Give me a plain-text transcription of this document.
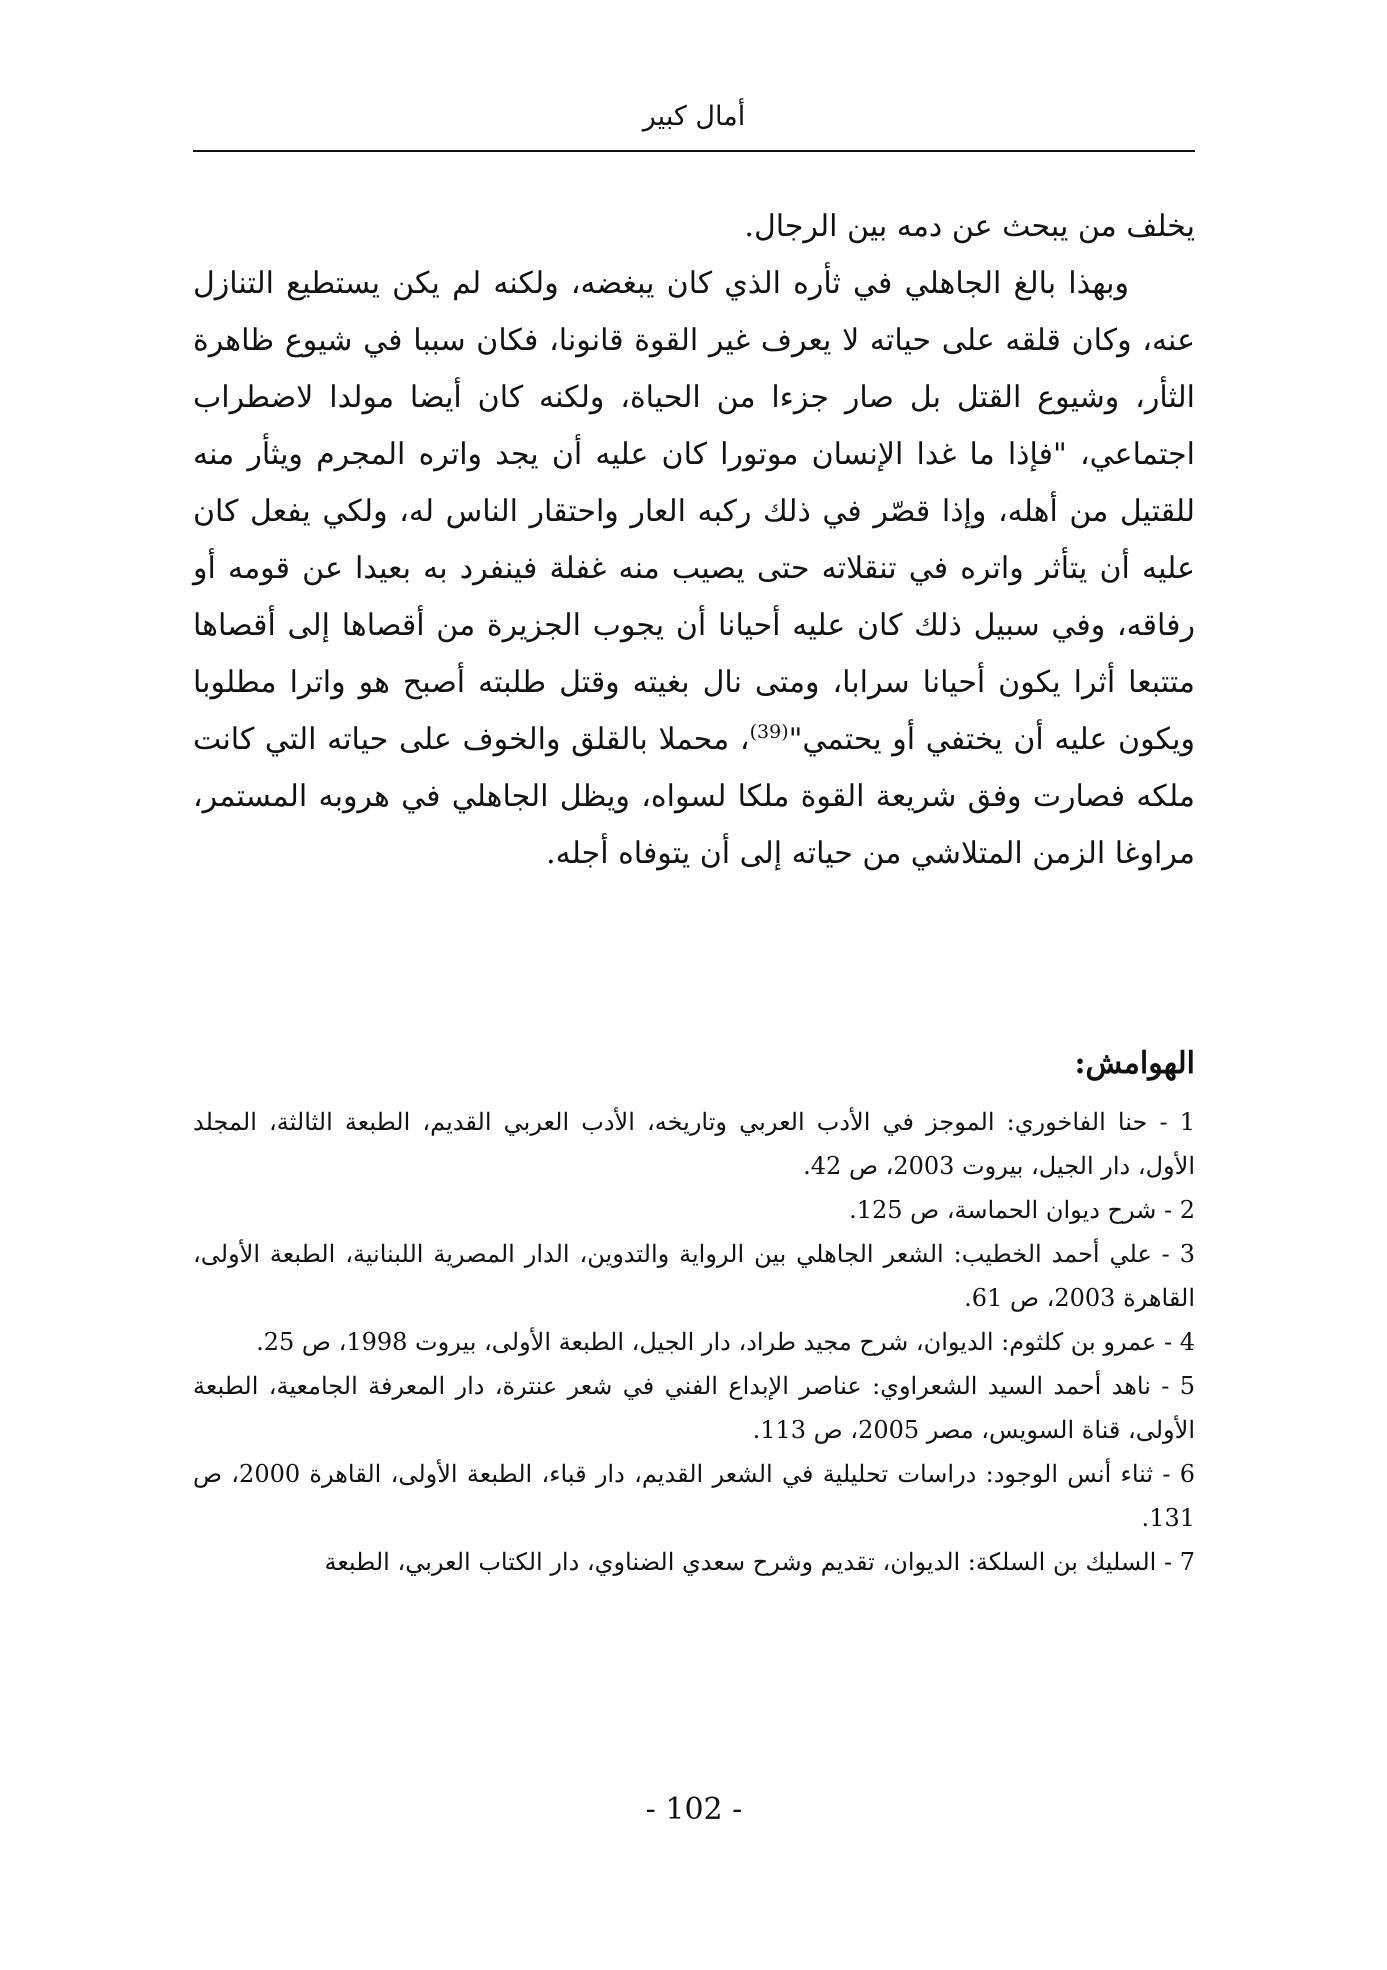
أمال كبير

يخلف من يبحث عن دمه بين الرجال.

وبهذا بالغ الجاهلي في ثأره الذي كان يبغضه، ولكنه لم يكن يستطيع التنازل عنه، وكان قلقه على حياته لا يعرف غير القوة قانونا، فكان سببا في شيوع ظاهرة الثأر، وشيوع القتل بل صار جزءا من الحياة، ولكنه كان أيضا مولدا لاضطراب اجتماعي، "فإذا ما غدا الإنسان موتورا كان عليه أن يجد واتره المجرم ويثأر منه للقتيل من أهله، وإذا قصّر في ذلك ركبه العار واحتقار الناس له، ولكي يفعل كان عليه أن يتأثر واتره في تنقلاته حتى يصيب منه غفلة فينفرد به بعيدا عن قومه أو رفاقه، وفي سبيل ذلك كان عليه أحيانا أن يجوب الجزيرة من أقصاها إلى أقصاها متتبعا أثرا يكون أحيانا سرابا، ومتى نال بغيته وقتل طلبته أصبح هو واترا مطلوبا ويكون عليه أن يختفي أو يحتمي"$^{(39)}$، محملا بالقلق والخوف على حياته التي كانت ملكه فصارت وفق شريعة القوة ملكا لسواه، ويظل الجاهلي في هروبه المستمر، مراوغا الزمن المتلاشي من حياته إلى أن يتوفاه أجله.

الهوامش:

1 - حنا الفاخوري: الموجز في الأدب العربي وتاريخه، الأدب العربي القديم، الطبعة الثالثة، المجلد الأول، دار الجيل، بيروت 2003، ص 42.

2 - شرح ديوان الحماسة، ص 125.

3 - علي أحمد الخطيب: الشعر الجاهلي بين الرواية والتدوين، الدار المصرية اللبنانية، الطبعة الأولى، القاهرة 2003، ص 61.

4 - عمرو بن كلثوم: الديوان، شرح مجيد طراد، دار الجيل، الطبعة الأولى، بيروت 1998، ص 25.

5 - ناهد أحمد السيد الشعراوي: عناصر الإبداع الفني في شعر عنترة، دار المعرفة الجامعية، الطبعة الأولى، قناة السويس، مصر 2005، ص 113.

6 - ثناء أنس الوجود: دراسات تحليلية في الشعر القديم، دار قباء، الطبعة الأولى، القاهرة 2000، ص 131.

7 - السليك بن السلكة: الديوان، تقديم وشرح سعدي الضناوي، دار الكتاب العربي، الطبعة

- 102 -
